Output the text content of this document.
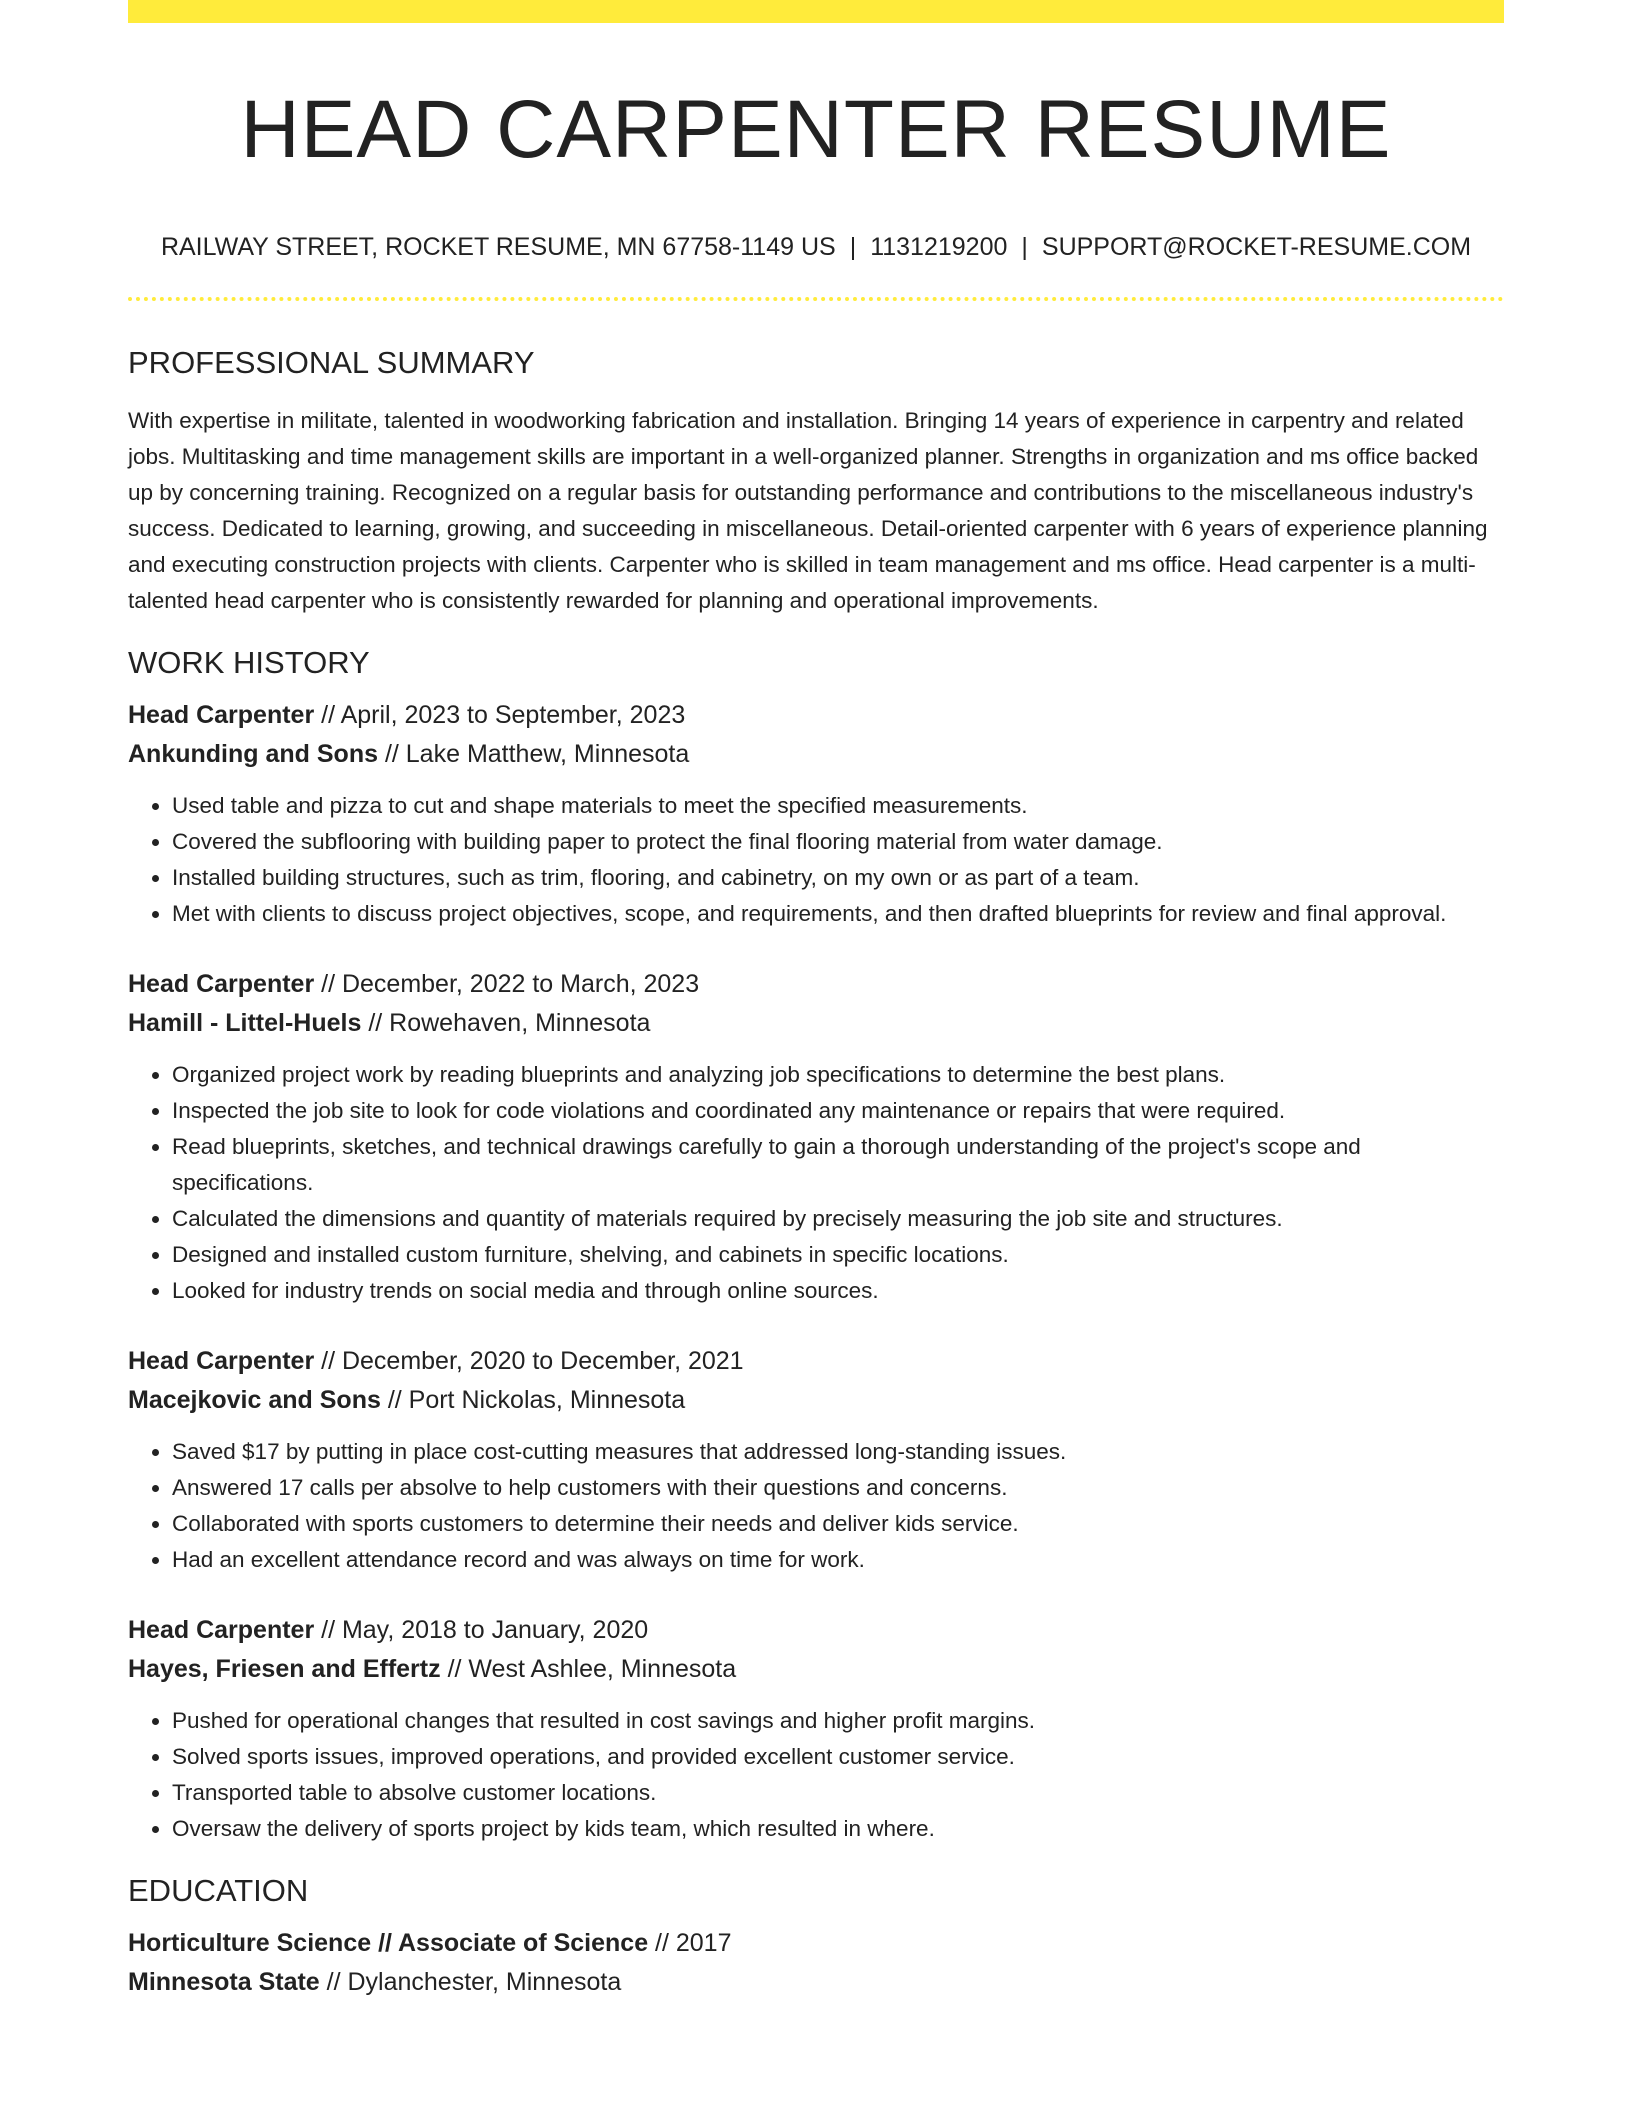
HEAD CARPENTER RESUME
RAILWAY STREET, ROCKET RESUME, MN 67758-1149 US | 1131219200 | SUPPORT@ROCKET-RESUME.COM
PROFESSIONAL SUMMARY
With expertise in militate, talented in woodworking fabrication and installation. Bringing 14 years of experience in carpentry and related jobs. Multitasking and time management skills are important in a well-organized planner. Strengths in organization and ms office backed up by concerning training. Recognized on a regular basis for outstanding performance and contributions to the miscellaneous industry's success. Dedicated to learning, growing, and succeeding in miscellaneous. Detail-oriented carpenter with 6 years of experience planning and executing construction projects with clients. Carpenter who is skilled in team management and ms office. Head carpenter is a multi-talented head carpenter who is consistently rewarded for planning and operational improvements.
WORK HISTORY
Head Carpenter // April, 2023 to September, 2023
Ankunding and Sons // Lake Matthew, Minnesota
• Used table and pizza to cut and shape materials to meet the specified measurements.
• Covered the subflooring with building paper to protect the final flooring material from water damage.
• Installed building structures, such as trim, flooring, and cabinetry, on my own or as part of a team.
• Met with clients to discuss project objectives, scope, and requirements, and then drafted blueprints for review and final approval.
Head Carpenter // December, 2022 to March, 2023
Hamill - Littel-Huels // Rowehaven, Minnesota
• Organized project work by reading blueprints and analyzing job specifications to determine the best plans.
• Inspected the job site to look for code violations and coordinated any maintenance or repairs that were required.
• Read blueprints, sketches, and technical drawings carefully to gain a thorough understanding of the project's scope and specifications.
• Calculated the dimensions and quantity of materials required by precisely measuring the job site and structures.
• Designed and installed custom furniture, shelving, and cabinets in specific locations.
• Looked for industry trends on social media and through online sources.
Head Carpenter // December, 2020 to December, 2021
Macejkovic and Sons // Port Nickolas, Minnesota
• Saved $17 by putting in place cost-cutting measures that addressed long-standing issues.
• Answered 17 calls per absolve to help customers with their questions and concerns.
• Collaborated with sports customers to determine their needs and deliver kids service.
• Had an excellent attendance record and was always on time for work.
Head Carpenter // May, 2018 to January, 2020
Hayes, Friesen and Effertz // West Ashlee, Minnesota
• Pushed for operational changes that resulted in cost savings and higher profit margins.
• Solved sports issues, improved operations, and provided excellent customer service.
• Transported table to absolve customer locations.
• Oversaw the delivery of sports project by kids team, which resulted in where.
EDUCATION
Horticulture Science // Associate of Science // 2017
Minnesota State // Dylanchester, Minnesota
